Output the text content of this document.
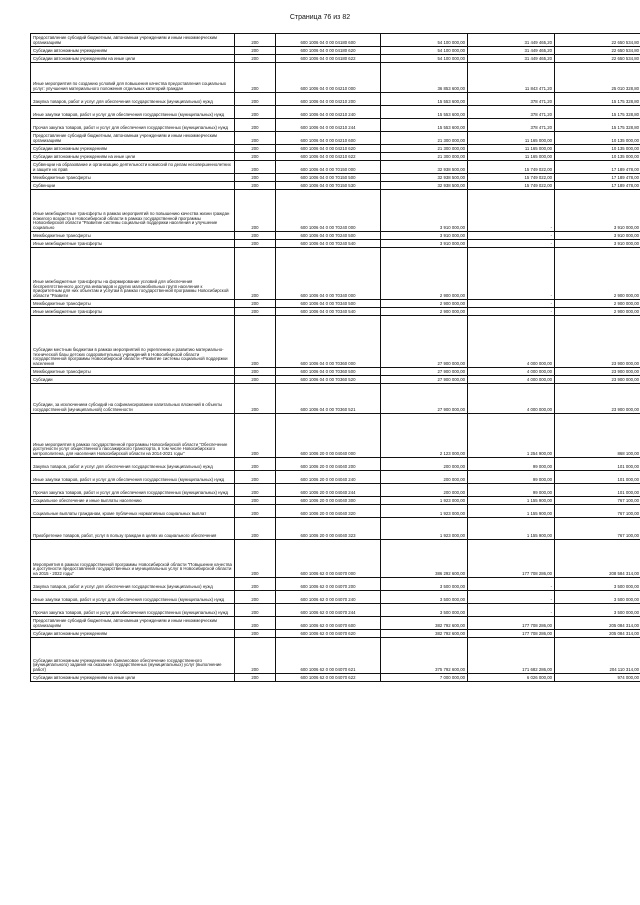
Страница 76 из 82
Предоставление субсидий бюджетным, автономным учреждениям и иным некоммерческим организациям	200	600 1006 04 0 00 04180 600	54 100 000,00	31 449 465,20	22 650 534,80
Субсидии автономным учреждениям	200	600 1006 04 0 00 04180 620	54 100 000,00	31 449 465,20	22 650 534,80
Субсидии автономным учреждениям на иные цели	200	600 1006 04 0 00 04180 622	54 100 000,00	31 449 465,20	22 650 534,80
Иные мероприятия по созданию условий для повышения качества предоставления социальных услуг: улучшения материального положения отдельных категорий граждан	200	600 1006 04 0 00 04210 000	36 853 600,00	11 843 471,20	25 010 328,80
Закупка товаров, работ и услуг для обеспечения государственных (муниципальных) нужд	200	600 1006 04 0 00 04210 200	15 553 600,00	378 471,20	15 175 328,80
Иные закупки товаров, работ и услуг для обеспечения государственных (муниципальных) нужд	200	600 1006 04 0 00 04210 240	15 553 600,00	378 471,20	15 175 328,80
Прочая закупка товаров, работ и услуг для обеспечения государственных (муниципальных) нужд	200	600 1006 04 0 00 04210 244	15 553 600,00	378 471,20	15 175 328,80
Предоставление субсидий бюджетным, автономным учреждениям и иным некоммерческим организациям	200	600 1006 04 0 00 04210 600	21 300 000,00	11 165 000,00	10 135 000,00
Субсидии автономным учреждениям	200	600 1006 04 0 00 04210 620	21 300 000,00	11 165 000,00	10 135 000,00
Субсидии автономным учреждениям на иные цели	200	600 1006 04 0 00 04210 622	21 300 000,00	11 165 000,00	10 135 000,00
Субвенции на образование и организацию деятельности комиссий по делам несовершеннолетних и защите их прав	200	600 1006 04 0 00 70150 000	32 938 500,00	15 749 022,00	17 189 478,00
Межбюджетные трансферты	200	600 1006 04 0 00 70150 500	32 938 500,00	15 749 022,00	17 189 478,00
Субвенции	200	600 1006 04 0 00 70150 530	32 938 500,00	15 749 022,00	17 189 478,00
Иные межбюджетные трансферты в рамках мероприятий по повышению качества жизни граждан пожилого возраста в Новосибирской области в рамках государственной программы Новосибирской области "Развитие системы социальной поддержки населения и улучшение социально	200	600 1006 04 0 00 70240 000	3 910 000,00	-	3 910 000,00
Межбюджетные трансферты	200	600 1006 04 0 00 70240 500	3 910 000,00	-	3 910 000,00
Иные межбюджетные трансферты	200	600 1006 04 0 00 70240 540	3 910 000,00	-	3 910 000,00
Иные межбюджетные трансферты на формирование условий для обеспечения беспрепятственного доступа инвалидов и других маломобильных групп населения к приоритетным для них объектам и услугам в рамках государственной программы Новосибирской области "Развити	200	600 1006 04 0 00 70340 000	2 900 000,00	-	2 900 000,00
Межбюджетные трансферты	200	600 1006 04 0 00 70340 500	2 900 000,00	-	2 900 000,00
Иные межбюджетные трансферты	200	600 1006 04 0 00 70340 540	2 900 000,00	-	2 900 000,00
Субсидии местным бюджетам в рамках мероприятий по укреплению и развитию материально-технической базы детских оздоровительных учреждений в Новосибирской области государственной программы Новосибирской области «Развитие системы социальной поддержки населения	200	600 1006 04 0 00 70360 000	27 900 000,00	4 000 000,00	23 900 000,00
Межбюджетные трансферты	200	600 1006 04 0 00 70360 500	27 900 000,00	4 000 000,00	23 900 000,00
Субсидии	200	600 1006 04 0 00 70360 520	27 900 000,00	4 000 000,00	23 900 000,00
Субсидии, за исключением субсидий на софинансирование капитальных вложений в объекты государственной (муниципальной) собственности	200	600 1006 04 0 00 70360 521	27 900 000,00	4 000 000,00	23 900 000,00
Иные мероприятия в рамках государственной программы Новосибирской области "Обеспечение доступности услуг общественного пассажирского транспорта, в том числе Новосибирского метрополитена, для населения Новосибирской области на 2014-2021 годы"	200	600 1006 20 0 00 04040 000	2 123 000,00	1 254 900,00	868 100,00
Закупка товаров, работ и услуг для обеспечения государственных (муниципальных) нужд	200	600 1006 20 0 00 04040 200	200 000,00	99 000,00	101 000,00
Иные закупки товаров, работ и услуг для обеспечения государственных (муниципальных) нужд	200	600 1006 20 0 00 04040 240	200 000,00	99 000,00	101 000,00
Прочая закупка товаров, работ и услуг для обеспечения государственных (муниципальных) нужд	200	600 1006 20 0 00 04040 244	200 000,00	99 000,00	101 000,00
Социальное обеспечение и иные выплаты населению	200	600 1006 20 0 00 04040 300	1 923 000,00	1 155 900,00	767 100,00
Социальные выплаты гражданам, кроме публичных нормативных социальных выплат	200	600 1006 20 0 00 04040 320	1 923 000,00	1 155 900,00	767 100,00
Приобретение товаров, работ, услуг в пользу граждан в целях их социального обеспечения	200	600 1006 20 0 00 04040 323	1 923 000,00	1 155 900,00	767 100,00
Мероприятия в рамках государственной программы Новосибирской области "Повышение качества и доступности предоставления государственных и муниципальных услуг в Новосибирской области на 2015 - 2022 годы"	200	600 1006 62 0 00 04070 000	386 292 600,00	177 708 286,00	208 584 314,00
Закупка товаров, работ и услуг для обеспечения государственных (муниципальных) нужд	200	600 1006 62 0 00 04070 200	3 500 000,00	-	3 500 000,00
Иные закупки товаров, работ и услуг для обеспечения государственных (муниципальных) нужд	200	600 1006 62 0 00 04070 240	3 500 000,00	-	3 500 000,00
Прочая закупка товаров, работ и услуг для обеспечения государственных (муниципальных) нужд	200	600 1006 62 0 00 04070 244	3 500 000,00	-	3 500 000,00
Предоставление субсидий бюджетным, автономным учреждениям и иным некоммерческим организациям	200	600 1006 62 0 00 04070 600	382 792 600,00	177 708 286,00	205 084 314,00
Субсидии автономным учреждениям	200	600 1006 62 0 00 04070 620	382 792 600,00	177 708 286,00	205 084 314,00
Субсидии автономным учреждениям на финансовое обеспечение государственного (муниципального) задания на оказание государственных (муниципальных) услуг (выполнение работ)	200	600 1006 62 0 00 04070 621	375 792 600,00	171 682 286,00	204 110 314,00
Субсидии автономным учреждениям на иные цели	200	600 1006 62 0 00 04070 622	7 000 000,00	6 026 000,00	974 000,00
